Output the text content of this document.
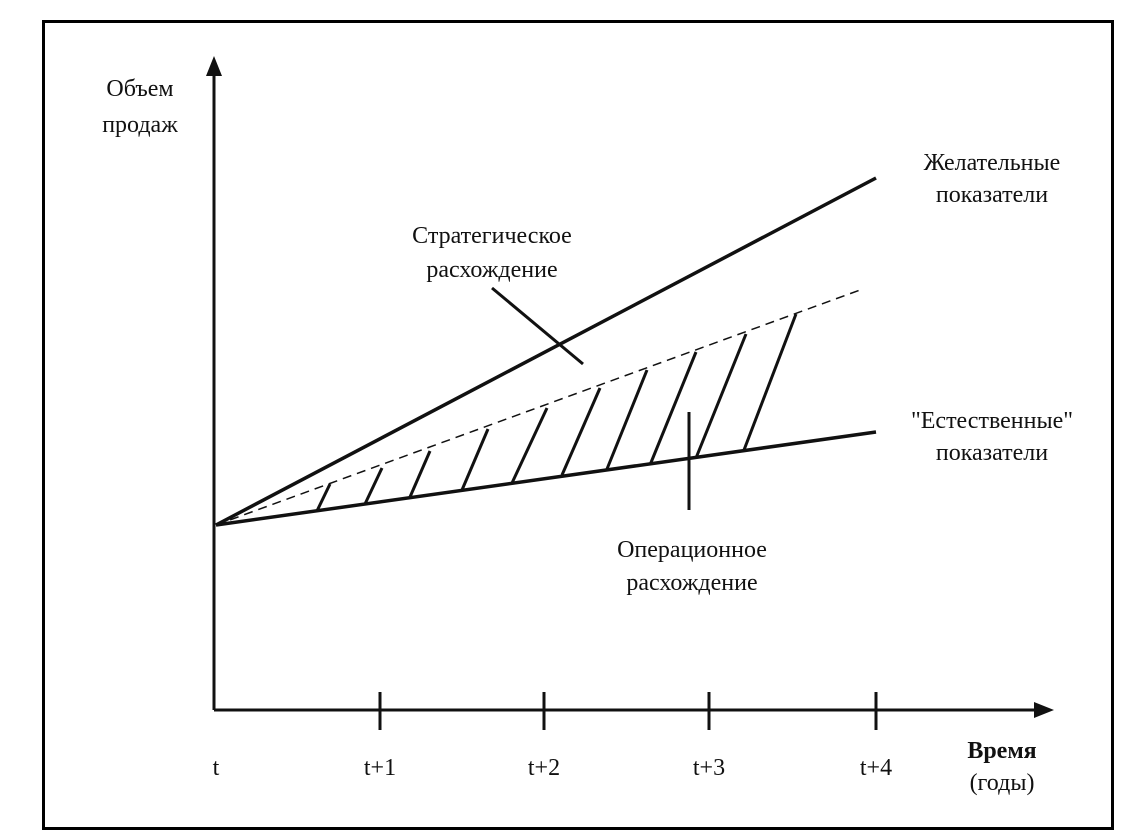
t	t+1	t+2	t+3	t+4
Объем
продаж
Время
(годы)
Желательные
показатели
"Естественные"
показатели
Стратегическое
расхождение
Операционное
расхождение
